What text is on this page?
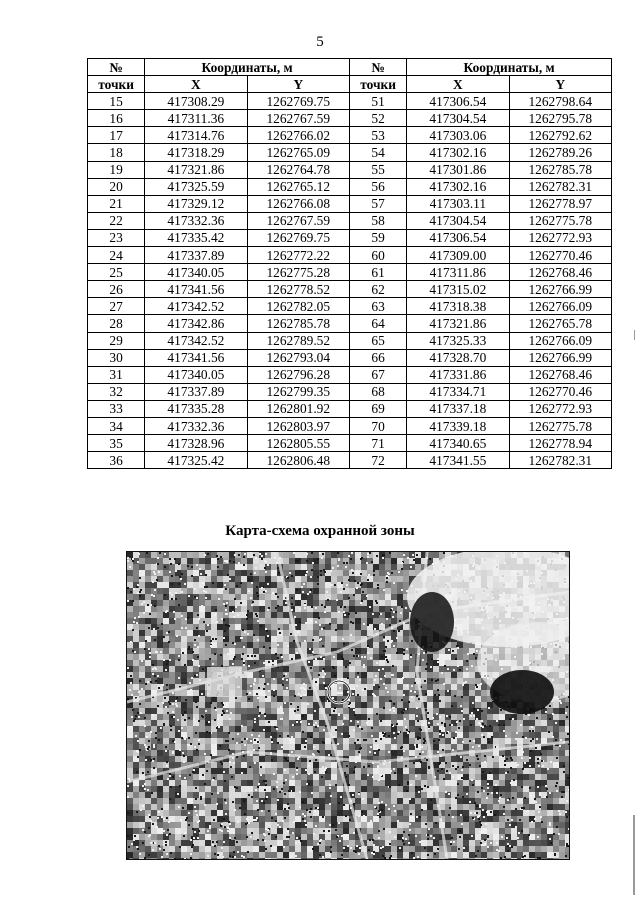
5
№	Координаты, м		№	Координаты, м	
точки	X	Y	точки	X	Y
15	417308.29	1262769.75	51	417306.54	1262798.64
16	417311.36	1262767.59	52	417304.54	1262795.78
17	417314.76	1262766.02	53	417303.06	1262792.62
18	417318.29	1262765.09	54	417302.16	1262789.26
19	417321.86	1262764.78	55	417301.86	1262785.78
20	417325.59	1262765.12	56	417302.16	1262782.31
21	417329.12	1262766.08	57	417303.11	1262778.97
22	417332.36	1262767.59	58	417304.54	1262775.78
23	417335.42	1262769.75	59	417306.54	1262772.93
24	417337.89	1262772.22	60	417309.00	1262770.46
25	417340.05	1262775.28	61	417311.86	1262768.46
26	417341.56	1262778.52	62	417315.02	1262766.99
27	417342.52	1262782.05	63	417318.38	1262766.09
28	417342.86	1262785.78	64	417321.86	1262765.78
29	417342.52	1262789.52	65	417325.33	1262766.09
30	417341.56	1262793.04	66	417328.70	1262766.99
31	417340.05	1262796.28	67	417331.86	1262768.46
32	417337.89	1262799.35	68	417334.71	1262770.46
33	417335.28	1262801.92	69	417337.18	1262772.93
34	417332.36	1262803.97	70	417339.18	1262775.78
35	417328.96	1262805.55	71	417340.65	1262778.94
36	417325.42	1262806.48	72	417341.55	1262782.31
Карта-схема охранной зоны
